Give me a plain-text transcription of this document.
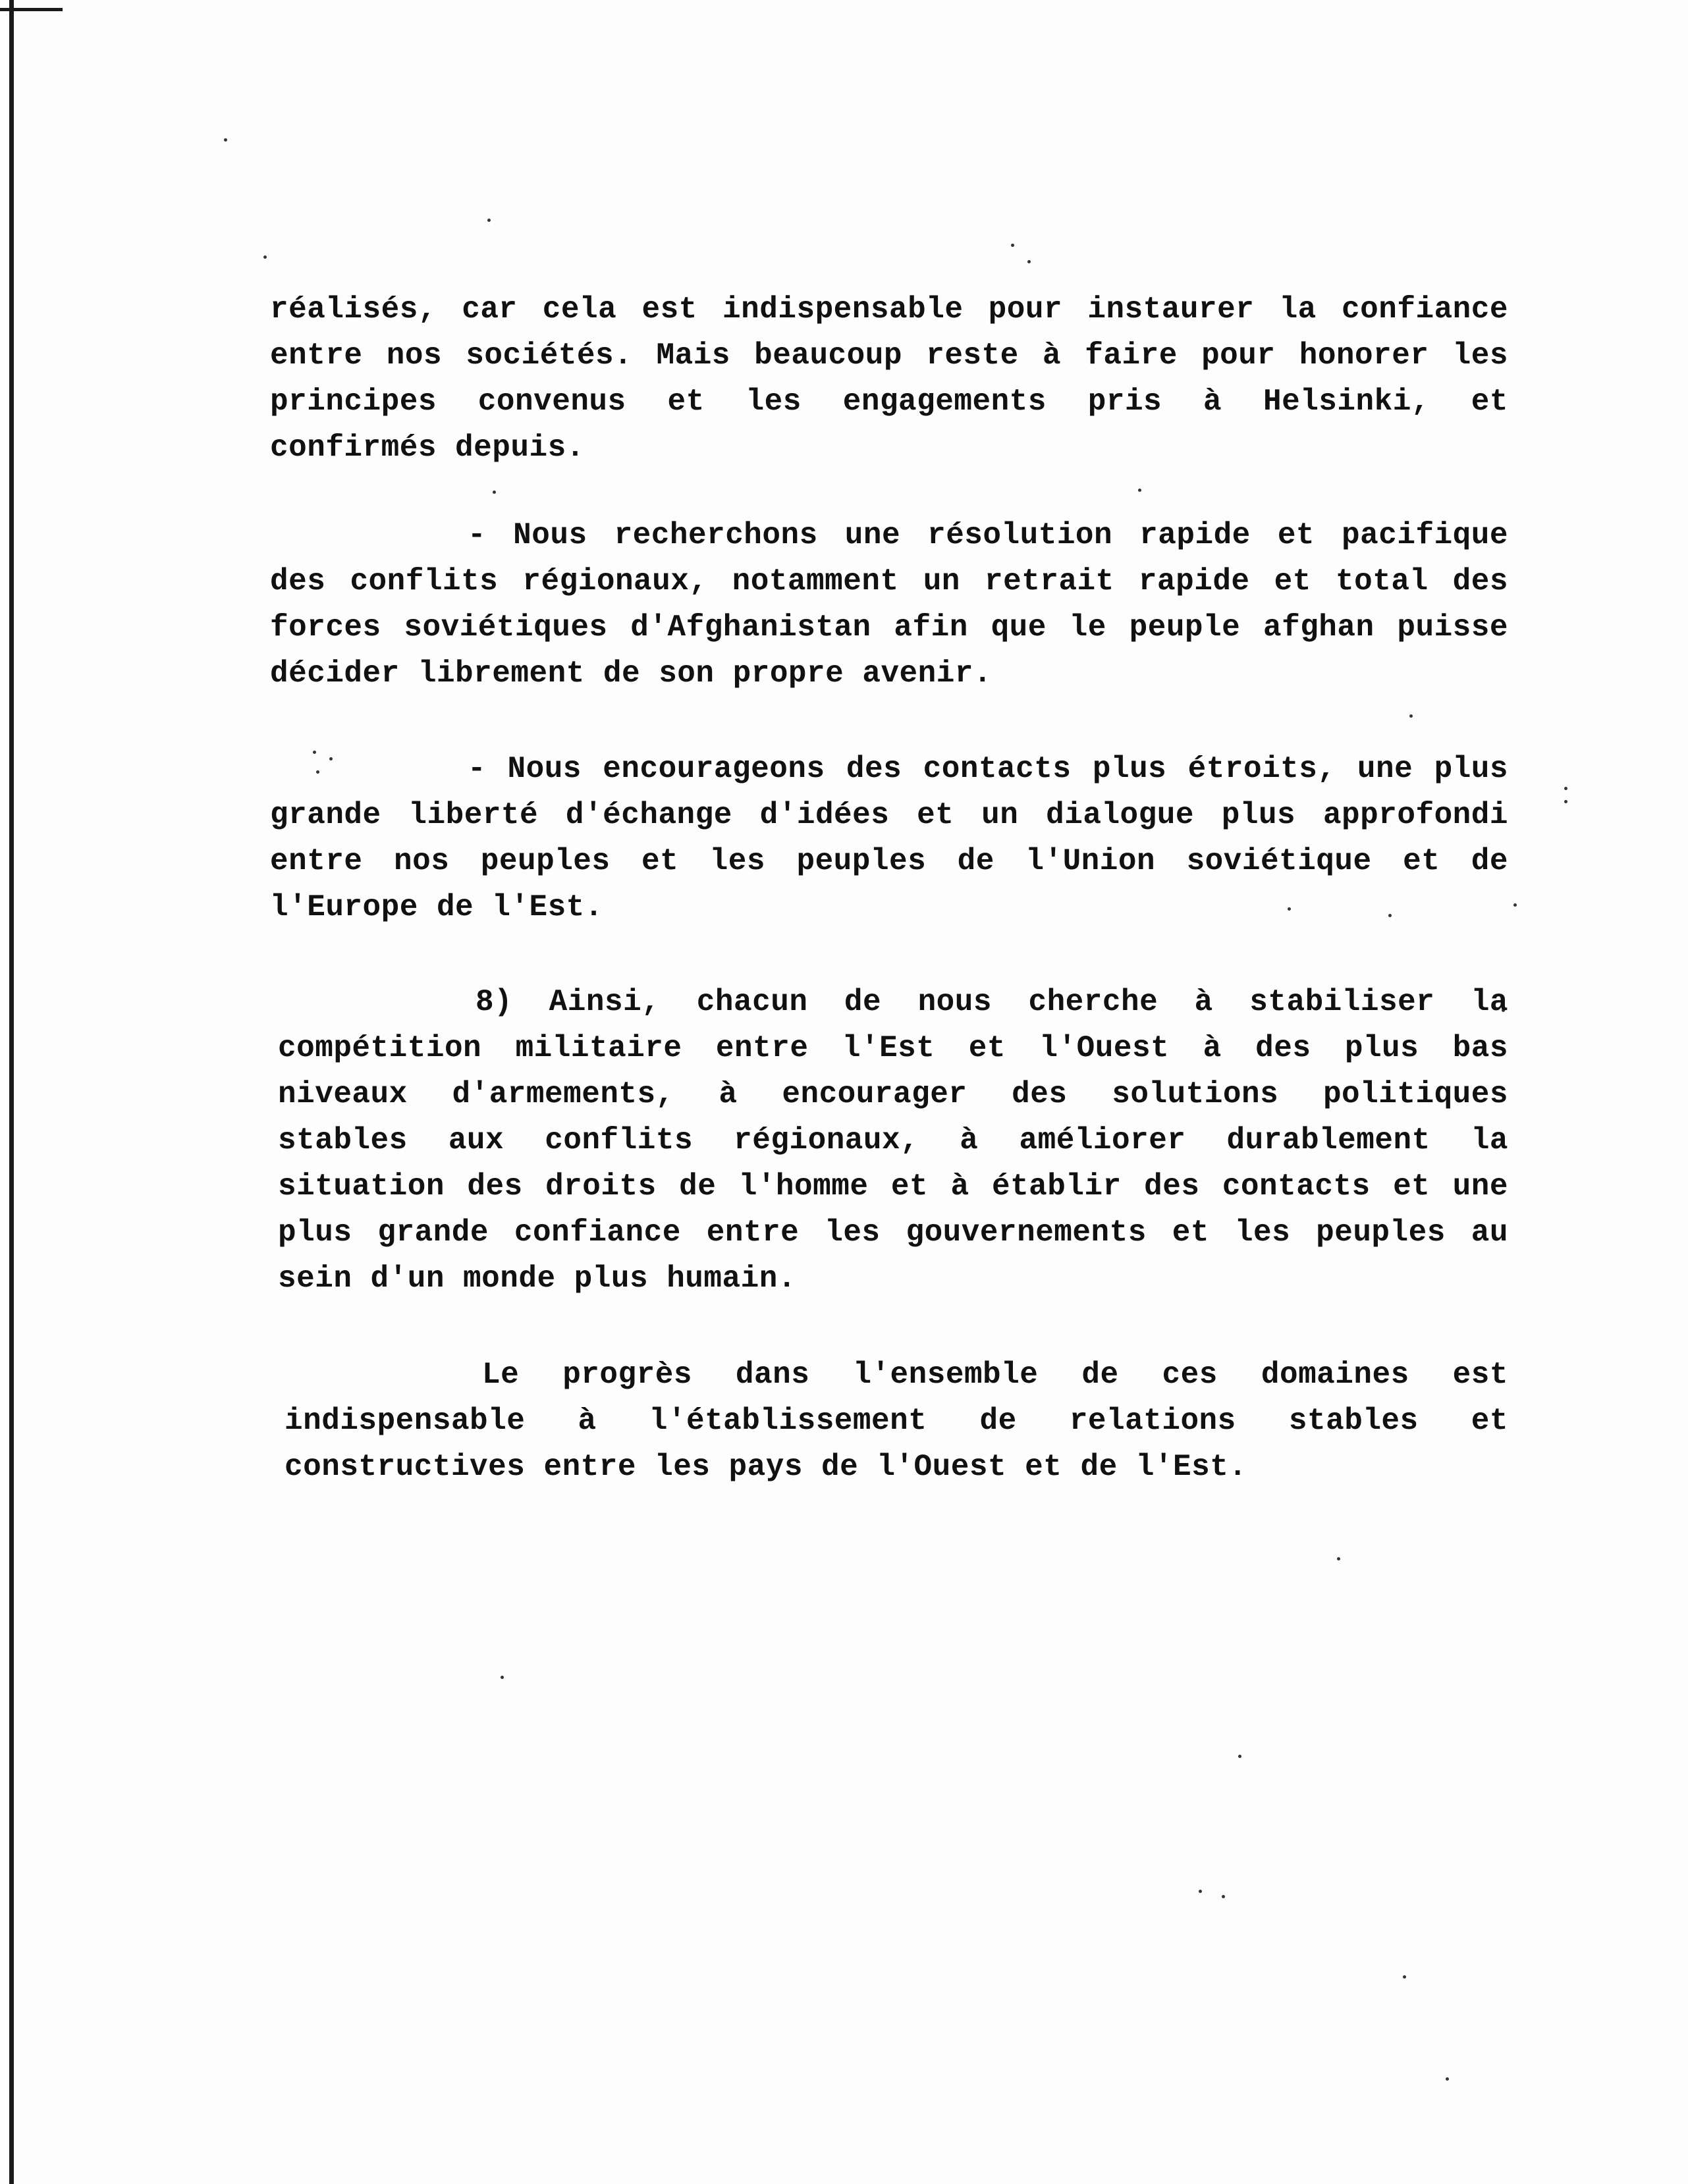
réalisés, car cela est indispensable pour instaurer la confiance
entre nos sociétés. Mais beaucoup reste à faire pour honorer les
principes convenus et les engagements pris à Helsinki, et
confirmés depuis.
- Nous recherchons une résolution rapide et pacifique
des conflits régionaux, notamment un retrait rapide et total des
forces soviétiques d'Afghanistan afin que le peuple afghan puisse
décider librement de son propre avenir.
- Nous encourageons des contacts plus étroits, une plus
grande liberté d'échange d'idées et un dialogue plus approfondi
entre nos peuples et les peuples de l'Union soviétique et de
l'Europe de l'Est.
8) Ainsi, chacun de nous cherche à stabiliser la
compétition militaire entre l'Est et l'Ouest à des plus bas
niveaux d'armements, à encourager des solutions politiques
stables aux conflits régionaux, à améliorer durablement la
situation des droits de l'homme et à établir des contacts et une
plus grande confiance entre les gouvernements et les peuples au
sein d'un monde plus humain.
Le progrès dans l'ensemble de ces domaines est
indispensable à l'établissement de relations stables et
constructives entre les pays de l'Ouest et de l'Est.
